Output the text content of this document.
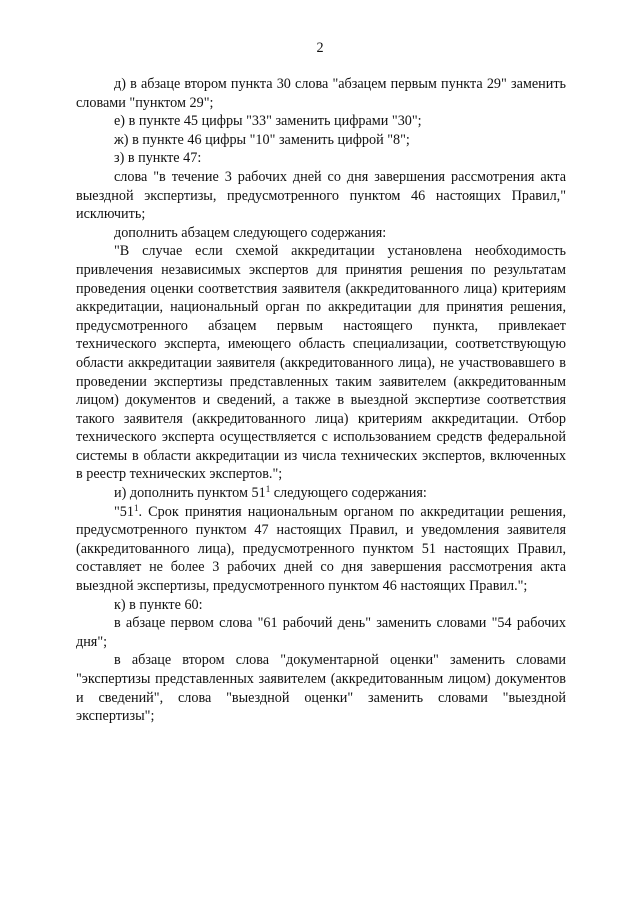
2

д) в абзаце втором пункта 30 слова "абзацем первым пункта 29" заменить словами "пунктом 29";

е) в пункте 45 цифры "33" заменить цифрами "30";

ж) в пункте 46 цифры "10" заменить цифрой "8";

з) в пункте 47:

слова "в течение 3 рабочих дней со дня завершения рассмотрения акта выездной экспертизы, предусмотренного пунктом 46 настоящих Правил," исключить;

дополнить абзацем следующего содержания:

"В случае если схемой аккредитации установлена необходимость привлечения независимых экспертов для принятия решения по результатам проведения оценки соответствия заявителя (аккредитованного лица) критериям аккредитации, национальный орган по аккредитации для принятия решения, предусмотренного абзацем первым настоящего пункта, привлекает технического эксперта, имеющего область специализации, соответствующую области аккредитации заявителя (аккредитованного лица), не участвовавшего в проведении экспертизы представленных таким заявителем (аккредитованным лицом) документов и сведений, а также в выездной экспертизе соответствия такого заявителя (аккредитованного лица) критериям аккредитации. Отбор технического эксперта осуществляется с использованием средств федеральной системы в области аккредитации из числа технических экспертов, включенных в реестр технических экспертов.";

и) дополнить пунктом $51^1$ следующего содержания:

"$51^1$. Срок принятия национальным органом по аккредитации решения, предусмотренного пунктом 47 настоящих Правил, и уведомления заявителя (аккредитованного лица), предусмотренного пунктом 51 настоящих Правил, составляет не более 3 рабочих дней со дня завершения рассмотрения акта выездной экспертизы, предусмотренного пунктом 46 настоящих Правил.";

к) в пункте 60:

в абзаце первом слова "61 рабочий день" заменить словами "54 рабочих дня";

в абзаце втором слова "документарной оценки" заменить словами "экспертизы представленных заявителем (аккредитованным лицом) документов и сведений", слова "выездной оценки" заменить словами "выездной экспертизы";
